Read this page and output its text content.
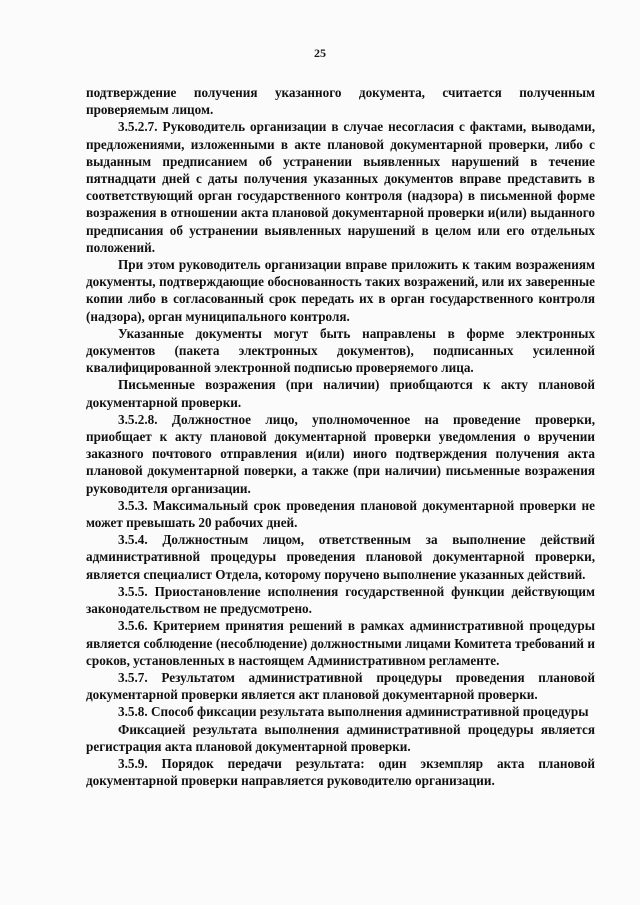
25

подтверждение получения указанного документа, считается полученным проверяемым лицом.

3.5.2.7. Руководитель организации в случае несогласия с фактами, выводами, предложениями, изложенными в акте плановой документарной проверки, либо с выданным предписанием об устранении выявленных нарушений в течение пятнадцати дней с даты получения указанных документов вправе представить в соответствующий орган государственного контроля (надзора) в письменной форме возражения в отношении акта плановой документарной проверки и(или) выданного предписания об устранении выявленных нарушений в целом или его отдельных положений.

При этом руководитель организации вправе приложить к таким возражениям документы, подтверждающие обоснованность таких возражений, или их заверенные копии либо в согласованный срок передать их в орган государственного контроля (надзора), орган муниципального контроля.

Указанные документы могут быть направлены в форме электронных документов (пакета электронных документов), подписанных усиленной квалифицированной электронной подписью проверяемого лица.

Письменные возражения (при наличии) приобщаются к акту плановой документарной проверки.

3.5.2.8. Должностное лицо, уполномоченное на проведение проверки, приобщает к акту плановой документарной проверки уведомления о вручении заказного почтового отправления и(или) иного подтверждения получения акта плановой документарной поверки, а также (при наличии) письменные возражения руководителя организации.

3.5.3. Максимальный срок проведения плановой документарной проверки не может превышать 20 рабочих дней.

3.5.4. Должностным лицом, ответственным за выполнение действий административной процедуры проведения плановой документарной проверки, является специалист Отдела, которому поручено выполнение указанных действий.

3.5.5. Приостановление исполнения государственной функции действующим законодательством не предусмотрено.

3.5.6. Критерием принятия решений в рамках административной процедуры является соблюдение (несоблюдение) должностными лицами Комитета требований и сроков, установленных в настоящем Административном регламенте.

3.5.7. Результатом административной процедуры проведения плановой документарной проверки является акт плановой документарной проверки.

3.5.8. Способ фиксации результата выполнения административной процедуры

Фиксацией результата выполнения административной процедуры является регистрация акта плановой документарной проверки.

3.5.9. Порядок передачи результата: один экземпляр акта плановой документарной проверки направляется руководителю организации.
